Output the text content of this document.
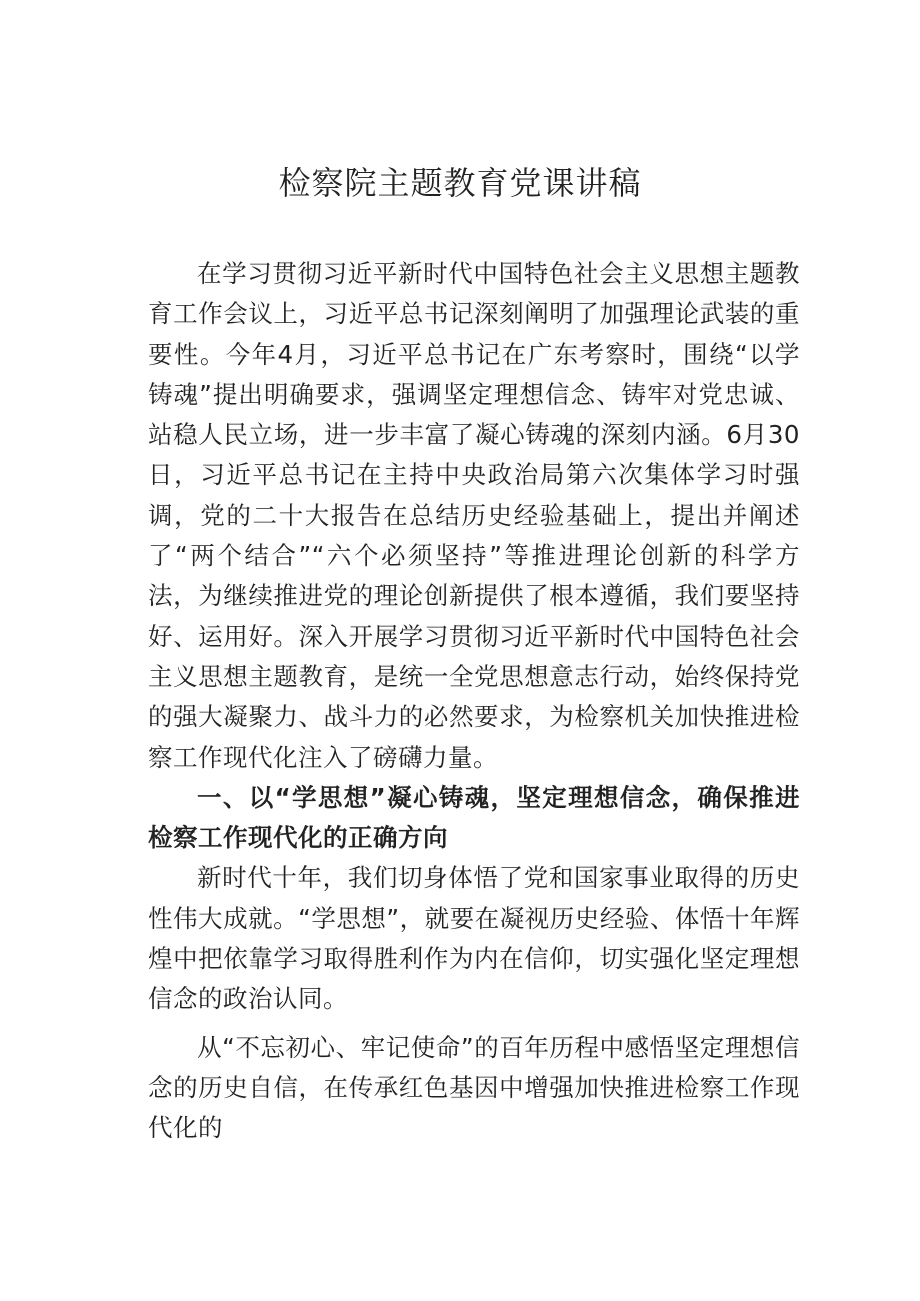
检察院主题教育党课讲稿

在学习贯彻习近平新时代中国特色社会主义思想主题教育工作会议上，习近平总书记深刻阐明了加强理论武装的重要性。今年4月，习近平总书记在广东考察时，围绕“以学铸魂”提出明确要求，强调坚定理想信念、铸牢对党忠诚、站稳人民立场，进一步丰富了凝心铸魂的深刻内涵。6月30日，习近平总书记在主持中央政治局第六次集体学习时强调，党的二十大报告在总结历史经验基础上，提出并阐述了“两个结合”“六个必须坚持”等推进理论创新的科学方法，为继续推进党的理论创新提供了根本遵循，我们要坚持好、运用好。深入开展学习贯彻习近平新时代中国特色社会主义思想主题教育，是统一全党思想意志行动，始终保持党的强大凝聚力、战斗力的必然要求，为检察机关加快推进检察工作现代化注入了磅礴力量。

一、以“学思想”凝心铸魂，坚定理想信念，确保推进检察工作现代化的正确方向

新时代十年，我们切身体悟了党和国家事业取得的历史性伟大成就。“学思想”，就要在凝视历史经验、体悟十年辉煌中把依靠学习取得胜利作为内在信仰，切实强化坚定理想信念的政治认同。

从“不忘初心、牢记使命”的百年历程中感悟坚定理想信念的历史自信，在传承红色基因中增强加快推进检察工作现代化的
